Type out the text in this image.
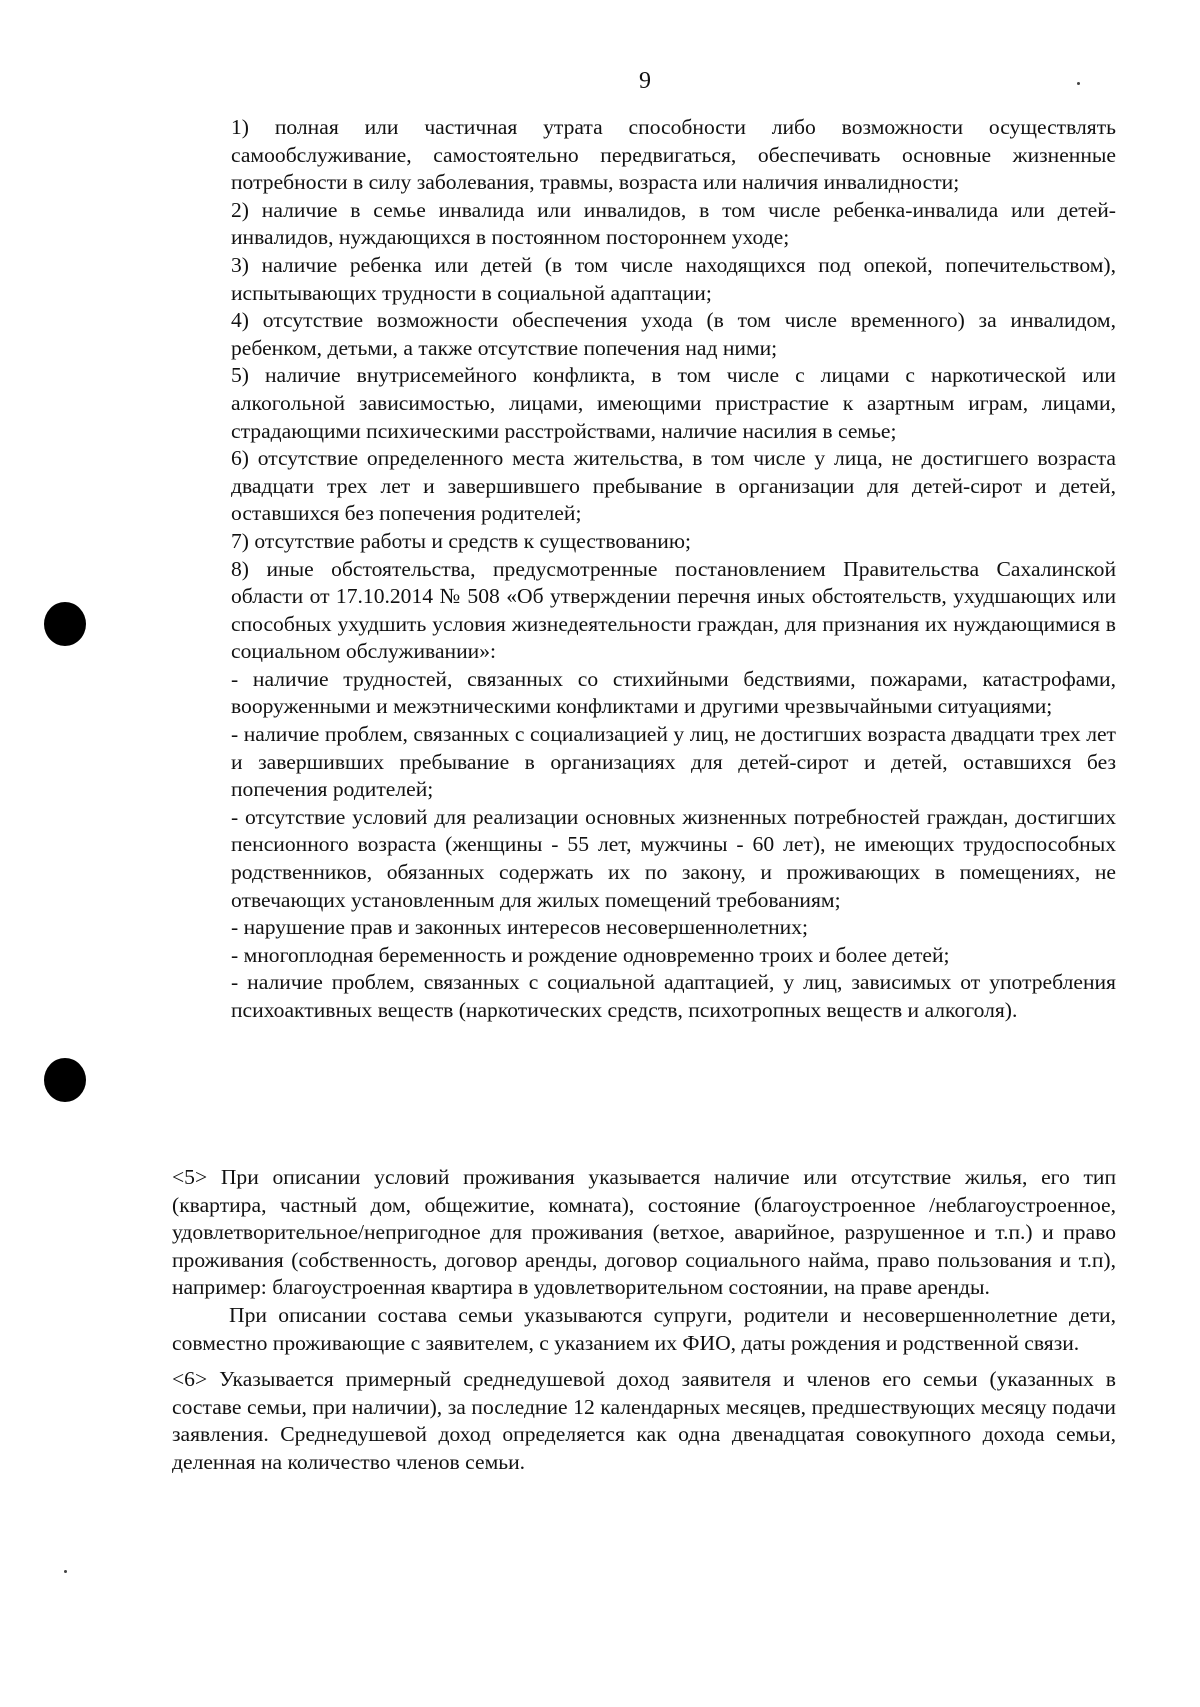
9

1) полная или частичная утрата способности либо возможности осуществлять самообслуживание, самостоятельно передвигаться, обеспечивать основные жизненные потребности в силу заболевания, травмы, возраста или наличия инвалидности;

2) наличие в семье инвалида или инвалидов, в том числе ребенка-инвалида или детей-инвалидов, нуждающихся в постоянном постороннем уходе;

3) наличие ребенка или детей (в том числе находящихся под опекой, попечительством), испытывающих трудности в социальной адаптации;

4) отсутствие возможности обеспечения ухода (в том числе временного) за инвалидом, ребенком, детьми, а также отсутствие попечения над ними;

5) наличие внутрисемейного конфликта, в том числе с лицами с наркотической или алкогольной зависимостью, лицами, имеющими пристрастие к азартным играм, лицами, страдающими психическими расстройствами, наличие насилия в семье;

6) отсутствие определенного места жительства, в том числе у лица, не достигшего возраста двадцати трех лет и завершившего пребывание в организации для детей-сирот и детей, оставшихся без попечения родителей;

7) отсутствие работы и средств к существованию;

8) иные обстоятельства, предусмотренные постановлением Правительства Сахалинской области от 17.10.2014 № 508 «Об утверждении перечня иных обстоятельств, ухудшающих или способных ухудшить условия жизнедеятельности граждан, для признания их нуждающимися в социальном обслуживании»:

- наличие трудностей, связанных со стихийными бедствиями, пожарами, катастрофами, вооруженными и межэтническими конфликтами и другими чрезвычайными ситуациями;

- наличие проблем, связанных с социализацией у лиц, не достигших возраста двадцати трех лет и завершивших пребывание в организациях для детей-сирот и детей, оставшихся без попечения родителей;

- отсутствие условий для реализации основных жизненных потребностей граждан, достигших пенсионного возраста (женщины - 55 лет, мужчины - 60 лет), не имеющих трудоспособных родственников, обязанных содержать их по закону, и проживающих в помещениях, не отвечающих установленным для жилых помещений требованиям;

- нарушение прав и законных интересов несовершеннолетних;

- многоплодная беременность и рождение одновременно троих и более детей;

- наличие проблем, связанных с социальной адаптацией, у лиц, зависимых от употребления психоактивных веществ (наркотических средств, психотропных веществ и алкоголя).

<5> При описании условий проживания указывается наличие или отсутствие жилья, его тип (квартира, частный дом, общежитие, комната), состояние (благоустроенное /неблагоустроенное, удовлетворительное/непригодное для проживания (ветхое, аварийное, разрушенное и т.п.) и право проживания (собственность, договор аренды, договор социального найма, право пользования и т.п), например: благоустроенная квартира в удовлетворительном состоянии, на праве аренды.

При описании состава семьи указываются супруги, родители и несовершеннолетние дети, совместно проживающие с заявителем, с указанием их ФИО, даты рождения и родственной связи.

<6> Указывается примерный среднедушевой доход заявителя и членов его семьи (указанных в составе семьи, при наличии), за последние 12 календарных месяцев, предшествующих месяцу подачи заявления. Среднедушевой доход определяется как одна двенадцатая совокупного дохода семьи, деленная на количество членов семьи.
